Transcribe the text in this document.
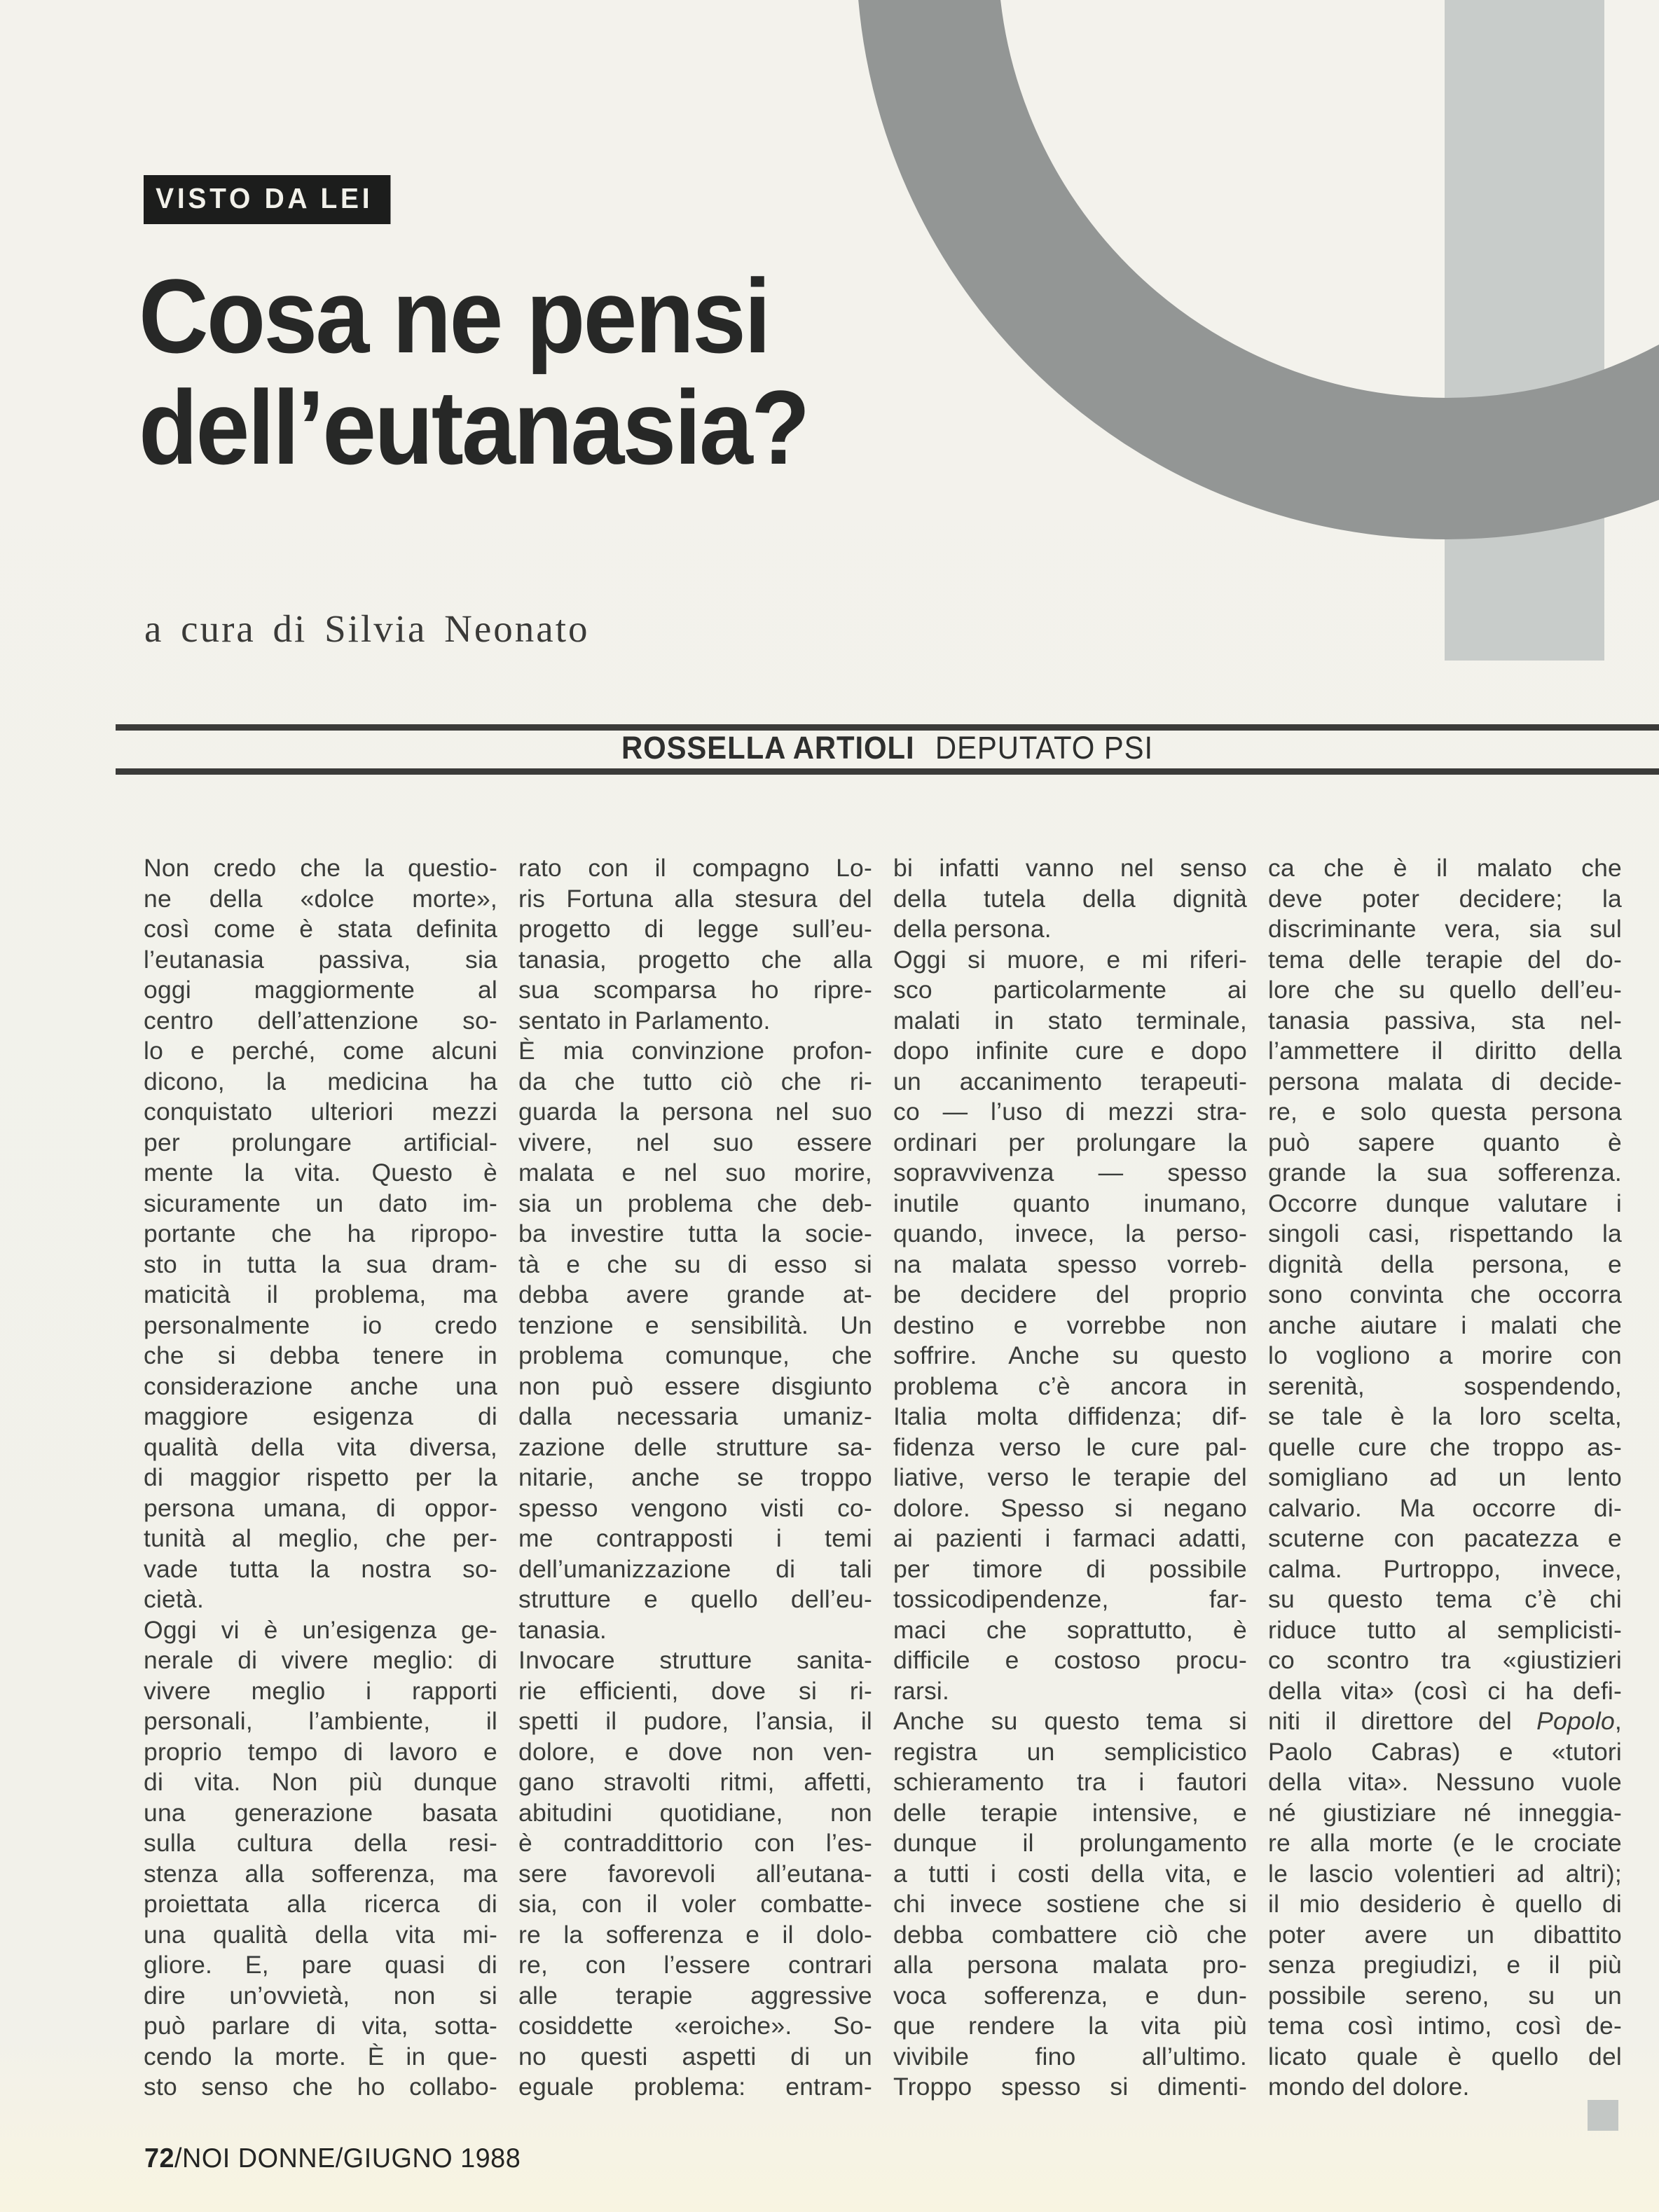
VISTO DA LEI
Cosa ne pensi
dell’eutanasia?
a cura di Silvia Neonato
ROSSELLA ARTIOLI DEPUTATO PSI
Non credo che la questio-
ne della «dolce morte»,
così come è stata definita
l’eutanasia passiva, sia
oggi maggiormente al
centro dell’attenzione so-
lo e perché, come alcuni
dicono, la medicina ha
conquistato ulteriori mezzi
per prolungare artificial-
mente la vita. Questo è
sicuramente un dato im-
portante che ha ripropo-
sto in tutta la sua dram-
maticità il problema, ma
personalmente io credo
che si debba tenere in
considerazione anche una
maggiore esigenza di
qualità della vita diversa,
di maggior rispetto per la
persona umana, di oppor-
tunità al meglio, che per-
vade tutta la nostra so-
cietà.
Oggi vi è un’esigenza ge-
nerale di vivere meglio: di
vivere meglio i rapporti
personali, l’ambiente, il
proprio tempo di lavoro e
di vita. Non più dunque
una generazione basata
sulla cultura della resi-
stenza alla sofferenza, ma
proiettata alla ricerca di
una qualità della vita mi-
gliore. E, pare quasi di
dire un’ovvietà, non si
può parlare di vita, sotta-
cendo la morte. È in que-
sto senso che ho collabo-
rato con il compagno Lo-
ris Fortuna alla stesura del
progetto di legge sull’eu-
tanasia, progetto che alla
sua scomparsa ho ripre-
sentato in Parlamento.
È mia convinzione profon-
da che tutto ciò che ri-
guarda la persona nel suo
vivere, nel suo essere
malata e nel suo morire,
sia un problema che deb-
ba investire tutta la socie-
tà e che su di esso si
debba avere grande at-
tenzione e sensibilità. Un
problema comunque, che
non può essere disgiunto
dalla necessaria umaniz-
zazione delle strutture sa-
nitarie, anche se troppo
spesso vengono visti co-
me contrapposti i temi
dell’umanizzazione di tali
strutture e quello dell’eu-
tanasia.
Invocare strutture sanita-
rie efficienti, dove si ri-
spetti il pudore, l’ansia, il
dolore, e dove non ven-
gano stravolti ritmi, affetti,
abitudini quotidiane, non
è contraddittorio con l’es-
sere favorevoli all’eutana-
sia, con il voler combatte-
re la sofferenza e il dolo-
re, con l’essere contrari
alle terapie aggressive
cosiddette «eroiche». So-
no questi aspetti di un
eguale problema: entram-
bi infatti vanno nel senso
della tutela della dignità
della persona.
Oggi si muore, e mi riferi-
sco particolarmente ai
malati in stato terminale,
dopo infinite cure e dopo
un accanimento terapeuti-
co — l’uso di mezzi stra-
ordinari per prolungare la
sopravvivenza — spesso
inutile quanto inumano,
quando, invece, la perso-
na malata spesso vorreb-
be decidere del proprio
destino e vorrebbe non
soffrire. Anche su questo
problema c’è ancora in
Italia molta diffidenza; dif-
fidenza verso le cure pal-
liative, verso le terapie del
dolore. Spesso si negano
ai pazienti i farmaci adatti,
per timore di possibile
tossicodipendenze, far-
maci che soprattutto, è
difficile e costoso procu-
rarsi.
Anche su questo tema si
registra un semplicistico
schieramento tra i fautori
delle terapie intensive, e
dunque il prolungamento
a tutti i costi della vita, e
chi invece sostiene che si
debba combattere ciò che
alla persona malata pro-
voca sofferenza, e dun-
que rendere la vita più
vivibile fino all’ultimo.
Troppo spesso si dimenti-
ca che è il malato che
deve poter decidere; la
discriminante vera, sia sul
tema delle terapie del do-
lore che su quello dell’eu-
tanasia passiva, sta nel-
l’ammettere il diritto della
persona malata di decide-
re, e solo questa persona
può sapere quanto è
grande la sua sofferenza.
Occorre dunque valutare i
singoli casi, rispettando la
dignità della persona, e
sono convinta che occorra
anche aiutare i malati che
lo vogliono a morire con
serenità, sospendendo,
se tale è la loro scelta,
quelle cure che troppo as-
somigliano ad un lento
calvario. Ma occorre di-
scuterne con pacatezza e
calma. Purtroppo, invece,
su questo tema c’è chi
riduce tutto al semplicisti-
co scontro tra «giustizieri
della vita» (così ci ha defi-
niti il direttore del Popolo,
Paolo Cabras) e «tutori
della vita». Nessuno vuole
né giustiziare né inneggia-
re alla morte (e le crociate
le lascio volentieri ad altri);
il mio desiderio è quello di
poter avere un dibattito
senza pregiudizi, e il più
possibile sereno, su un
tema così intimo, così de-
licato quale è quello del
mondo del dolore.
72/NOI DONNE/GIUGNO 1988
